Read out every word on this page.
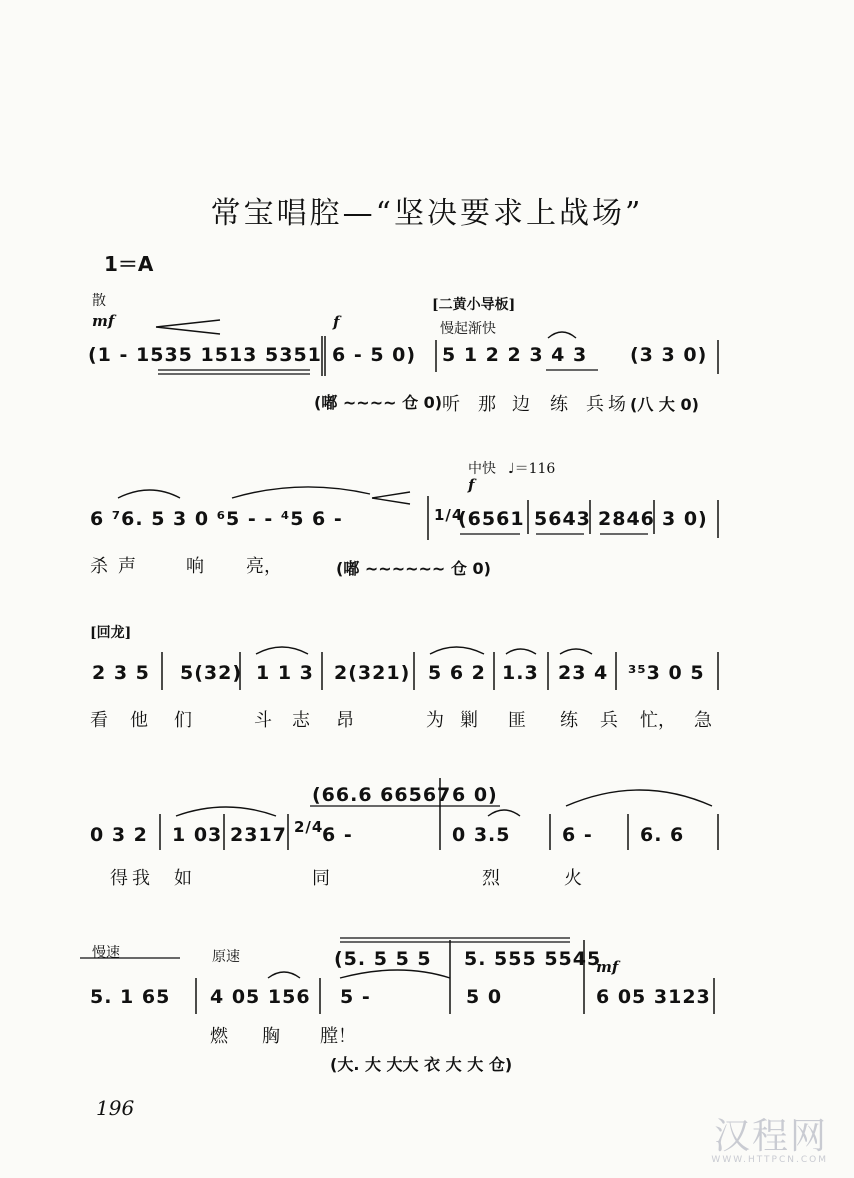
常宝唱腔—“坚决要求上战场”
1＝A
散
mf	f
[二黄小导板]
慢起渐快
(1 - 1535 1513 5351 6 - 5 0) 5 1 2 2 3 4 3 (3 3 0)
(嘟 ~~~~ 仓 0)	(八 大 0)
听 那 边 练 兵 场
中快 ♩＝116
f
6 ⁷6. 5 3 0 ⁶5 - - ⁴5 6 -	1/4
(6561 5643 2846 3 0)
(嘟 ~~~~~~ 仓 0)
杀 声	响 亮，
[回龙]
2 3 5 5(32) 1 1 3 2(321) 5 6 2 1.3 23 4 ³⁵3 0 5
看 他 们	斗 志 昂	为 剿 匪 练 兵 忙， 急
(66.6 66567 6 0)
0 3 2 1 03 2317 2/4
6 -	0 3.5	6 - 6. 6
得 我 如	同	烈	火
慢速	原速
mf
(5. 5 5 5 5. 555 5545
5. 1 65 4 05 156 5 -	5 0	6 05 3123
燃 胸 膛！
(大. 大 大大 衣 大 大 仓)
196
汉程网
WWW.HTTPCN.COM
